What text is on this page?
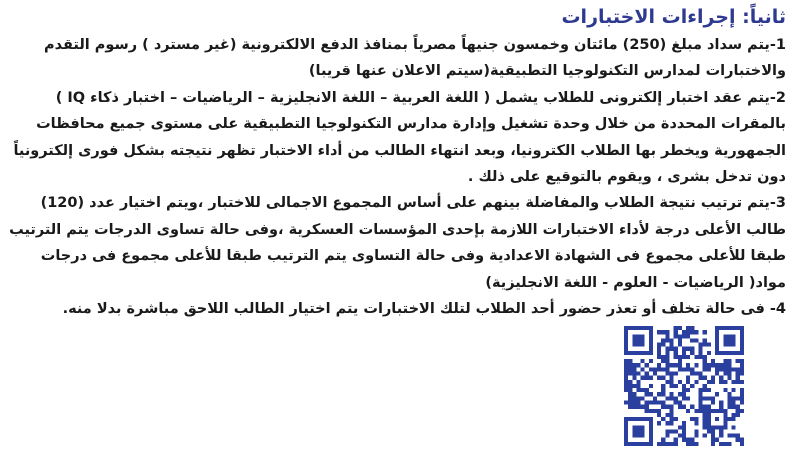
ثانياً: إجراءات الاختبارات
1-يتم سداد مبلغ (250) مائتان وخمسون جنيهاً مصرياً بمنافذ الدفع الالكترونية (غير مسترد ) رسوم التقدم
والاختبارات لمدارس التكنولوجيا التطبيقية(سيتم الاعلان عنها قريبا)
2-يتم عقد اختبار إلكترونى للطلاب يشمل ( اللغة العربية – اللغة الانجليزية – الرياضيات – اختبار ذكاء IQ )
بالمقرات المحددة من خلال وحدة تشغيل وإدارة مدارس التكنولوجيا التطبيقية على مستوى جميع محافظات
الجمهورية ويخطر بها الطلاب الكترونيا، وبعد انتهاء الطالب من أداء الاختبار تظهر نتيجته بشكل فورى إلكترونياً
دون تدخل بشرى ، ويقوم بالتوقيع على ذلك .
3-يتم ترتيب نتيجة الطلاب والمفاضلة بينهم على أساس المجموع الاجمالى للاختبار ،ويتم اختيار عدد (120)
طالب الأعلى درجة لأداء الاختبارات اللازمة بإحدى المؤسسات العسكرية ،وفى حالة تساوى الدرجات يتم الترتيب
طبقا للأعلى مجموع فى الشهادة الاعدادية وفى حالة التساوى يتم الترتيب طبقا للأعلى مجموع فى درجات
مواد( الرياضيات - العلوم - اللغة الانجليزية)
4- فى حالة تخلف أو تعذر حضور أحد الطلاب لتلك الاختبارات يتم اختيار الطالب اللاحق مباشرة بدلا منه.
